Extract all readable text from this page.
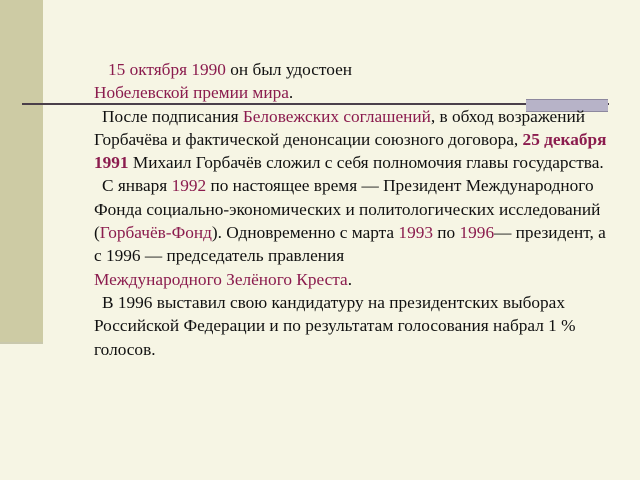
15 октября 1990 он был удостоен
Нобелевской премии мира.

После подписания Беловежских соглашений, в обход возражений Горбачёва и фактической денонсации союзного договора, 25 декабря 1991 Михаил Горбачёв сложил с себя полномочия главы государства.

С января 1992 по настоящее время — Президент Международного Фонда социально-экономических и политологических исследований (Горбачёв-Фонд). Одновременно с марта 1993 по 1996— президент, а с 1996 — председатель правления
Международного Зелёного Креста.

В 1996 выставил свою кандидатуру на президентских выборах Российской Федерации и по результатам голосования набрал 1 % голосов.
